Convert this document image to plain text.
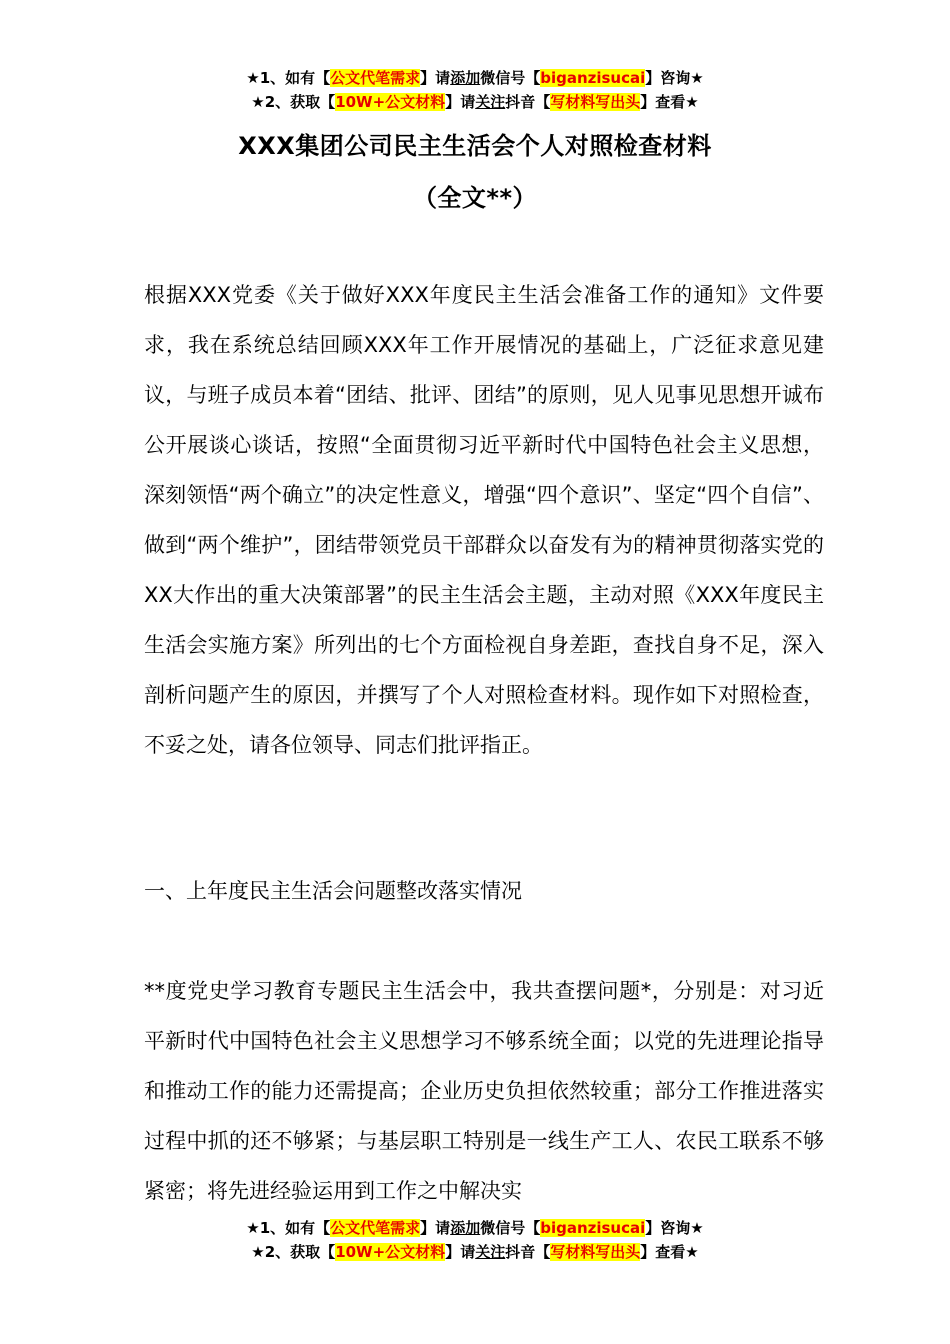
★1、如有【公文代笔需求】请添加微信号【biganzisucai】咨询★
★2、获取【10W+公文材料】请关注抖音【写材料写出头】查看★
XXX集团公司民主生活会个人对照检查材料
（全文**）
根据XXX党委《关于做好XXX年度民主生活会准备工作的通知》文件要求，我在系统总结回顾XXX年工作开展情况的基础上，广泛征求意见建议，与班子成员本着“团结、批评、团结”的原则，见人见事见思想开诚布公开展谈心谈话，按照“全面贯彻习近平新时代中国特色社会主义思想，深刻领悟“两个确立”的决定性意义，增强“四个意识”、坚定“四个自信”、做到“两个维护”，团结带领党员干部群众以奋发有为的精神贯彻落实党的XX大作出的重大决策部署”的民主生活会主题，主动对照《XXX年度民主生活会实施方案》所列出的七个方面检视自身差距，查找自身不足，深入剖析问题产生的原因，并撰写了个人对照检查材料。现作如下对照检查，不妥之处，请各位领导、同志们批评指正。
一、上年度民主生活会问题整改落实情况
**度党史学习教育专题民主生活会中，我共查摆问题*，分别是：对习近平新时代中国特色社会主义思想学习不够系统全面；以党的先进理论指导和推动工作的能力还需提高；企业历史负担依然较重；部分工作推进落实过程中抓的还不够紧；与基层职工特别是一线生产工人、农民工联系不够紧密；将先进经验运用到工作之中解决实
★1、如有【公文代笔需求】请添加微信号【biganzisucai】咨询★
★2、获取【10W+公文材料】请关注抖音【写材料写出头】查看★
